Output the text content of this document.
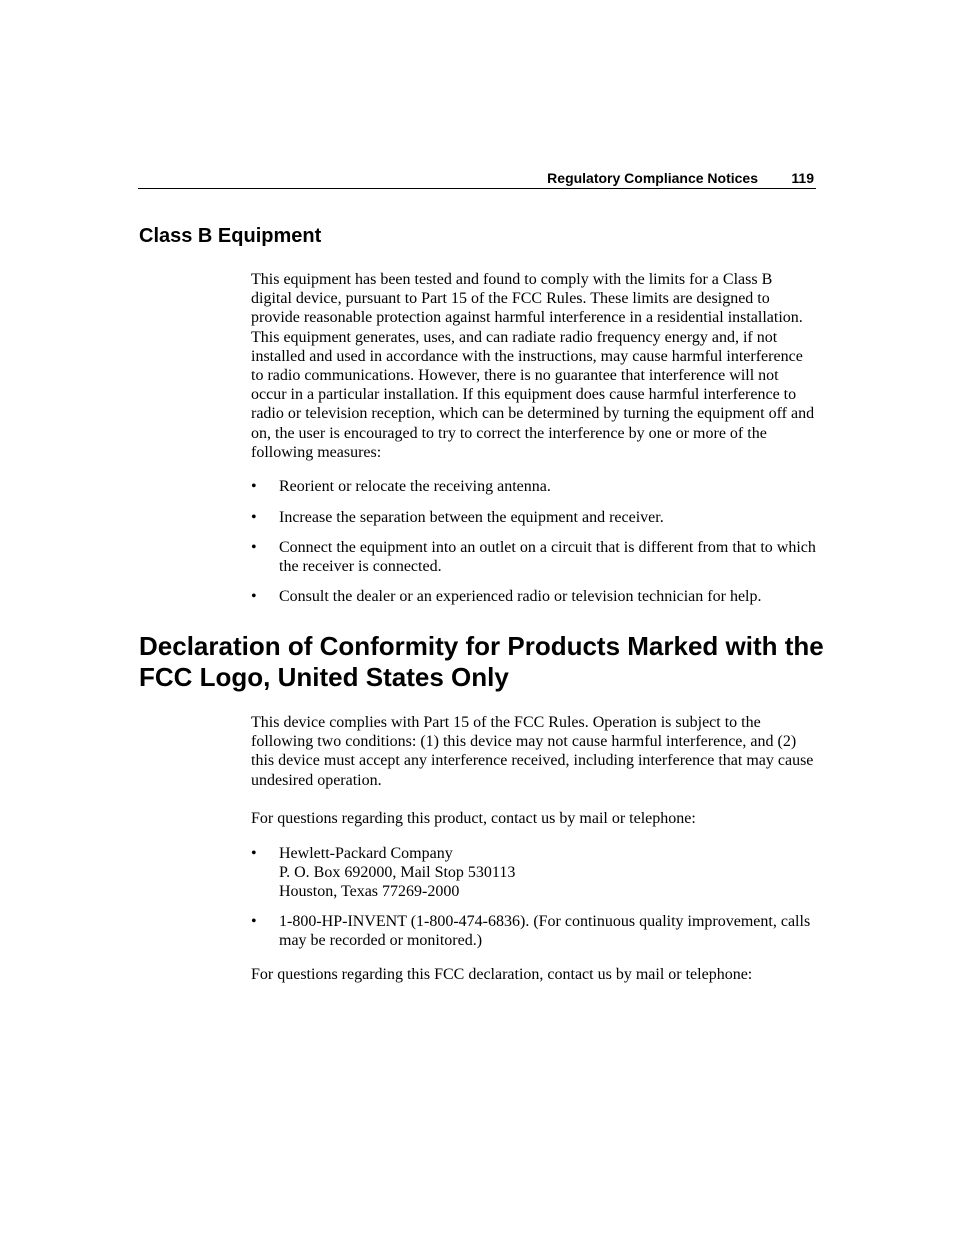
Regulatory Compliance Notices 119
Class B Equipment

This equipment has been tested and found to comply with the limits for a Class B digital device, pursuant to Part 15 of the FCC Rules. These limits are designed to provide reasonable protection against harmful interference in a residential installation. This equipment generates, uses, and can radiate radio frequency energy and, if not installed and used in accordance with the instructions, may cause harmful interference to radio communications. However, there is no guarantee that interference will not occur in a particular installation. If this equipment does cause harmful interference to radio or television reception, which can be determined by turning the equipment off and on, the user is encouraged to try to correct the interference by one or more of the following measures:

•	Reorient or relocate the receiving antenna.
•	Increase the separation between the equipment and receiver.
•	Connect the equipment into an outlet on a circuit that is different from that to which the receiver is connected.
•	Consult the dealer or an experienced radio or television technician for help.
Declaration of Conformity for Products Marked with the FCC Logo, United States Only

This device complies with Part 15 of the FCC Rules. Operation is subject to the following two conditions: (1) this device may not cause harmful interference, and (2) this device must accept any interference received, including interference that may cause undesired operation.

For questions regarding this product, contact us by mail or telephone:

•	Hewlett-Packard Company
P. O. Box 692000, Mail Stop 530113
Houston, Texas 77269-2000
•	1-800-HP-INVENT (1-800-474-6836). (For continuous quality improvement, calls may be recorded or monitored.)

For questions regarding this FCC declaration, contact us by mail or telephone:
